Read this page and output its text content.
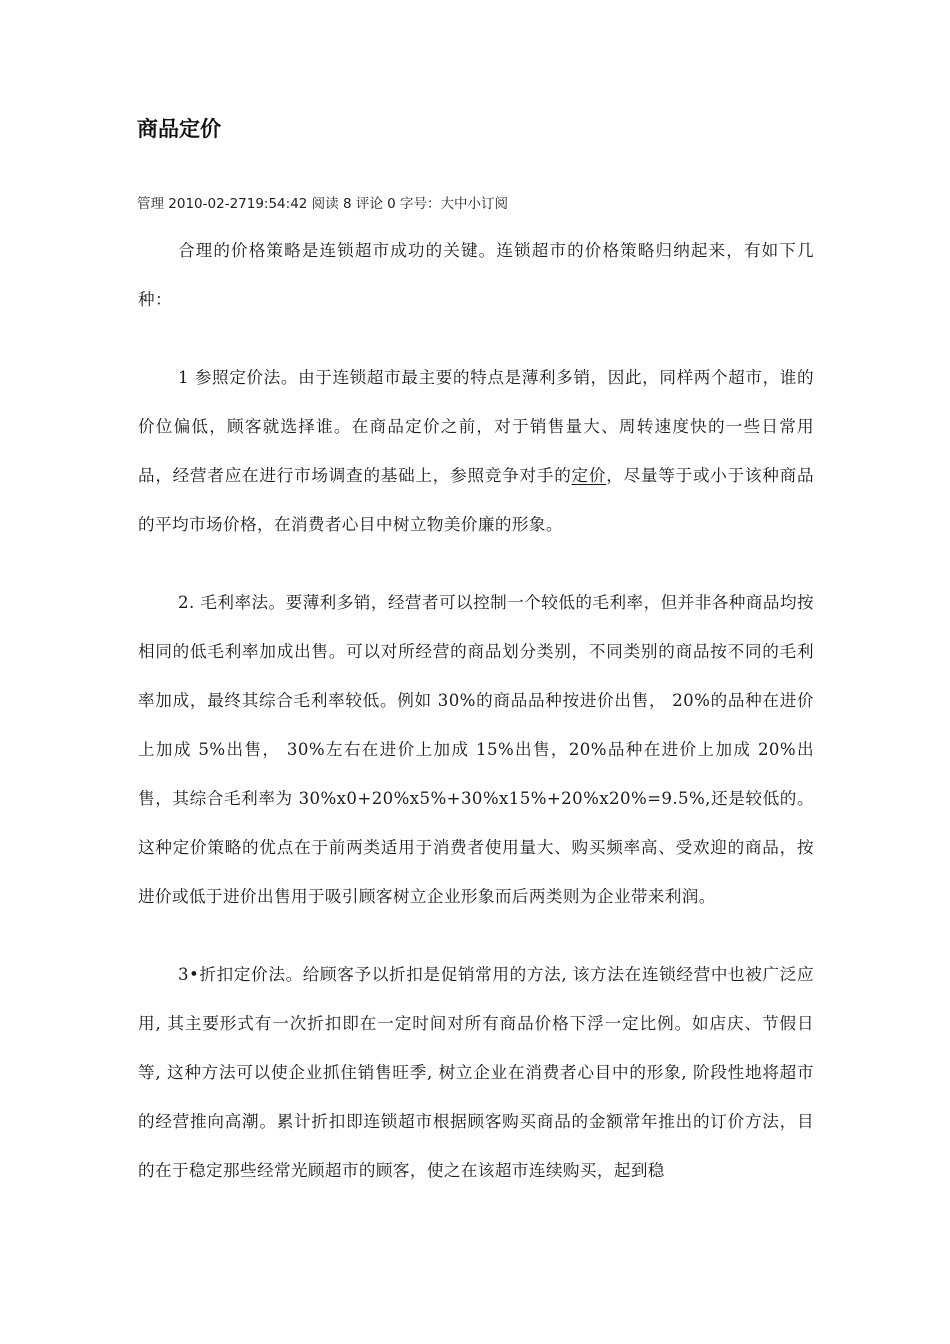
商品定价

管理 2010-02-2719:54:42 阅读 8 评论 0 字号：大中小订阅

合理的价格策略是连锁超市成功的关键。连锁超市的价格策略归纳起来，有如下几种：

1 参照定价法。由于连锁超市最主要的特点是薄利多销，因此，同样两个超市，谁的价位偏低，顾客就选择谁。在商品定价之前，对于销售量大、周转速度快的一些日常用品，经营者应在进行市场调查的基础上，参照竞争对手的定价，尽量等于或小于该种商品的平均市场价格，在消费者心目中树立物美价廉的形象。

2. 毛利率法。要薄利多销，经营者可以控制一个较低的毛利率，但并非各种商品均按相同的低毛利率加成出售。可以对所经营的商品划分类别，不同类别的商品按不同的毛利率加成，最终其综合毛利率较低。例如 30%的商品品种按进价出售， 20%的品种在进价上加成 5%出售， 30%左右在进价上加成 15%出售，20%品种在进价上加成 20%出售，其综合毛利率为 30%x0+20%x5%+30%x15%+20%x20%=9.5%,还是较低的。这种定价策略的优点在于前两类适用于消费者使用量大、购买频率高、受欢迎的商品，按进价或低于进价出售用于吸引顾客树立企业形象而后两类则为企业带来利润。

3•折扣定价法。给顾客予以折扣是促销常用的方法, 该方法在连锁经营中也被广泛应用, 其主要形式有一次折扣即在一定时间对所有商品价格下浮一定比例。如店庆、节假日等, 这种方法可以使企业抓住销售旺季, 树立企业在消费者心目中的形象, 阶段性地将超市的经营推向高潮。累计折扣即连锁超市根据顾客购买商品的金额常年推出的订价方法，目的在于稳定那些经常光顾超市的顾客，使之在该超市连续购买，起到稳
